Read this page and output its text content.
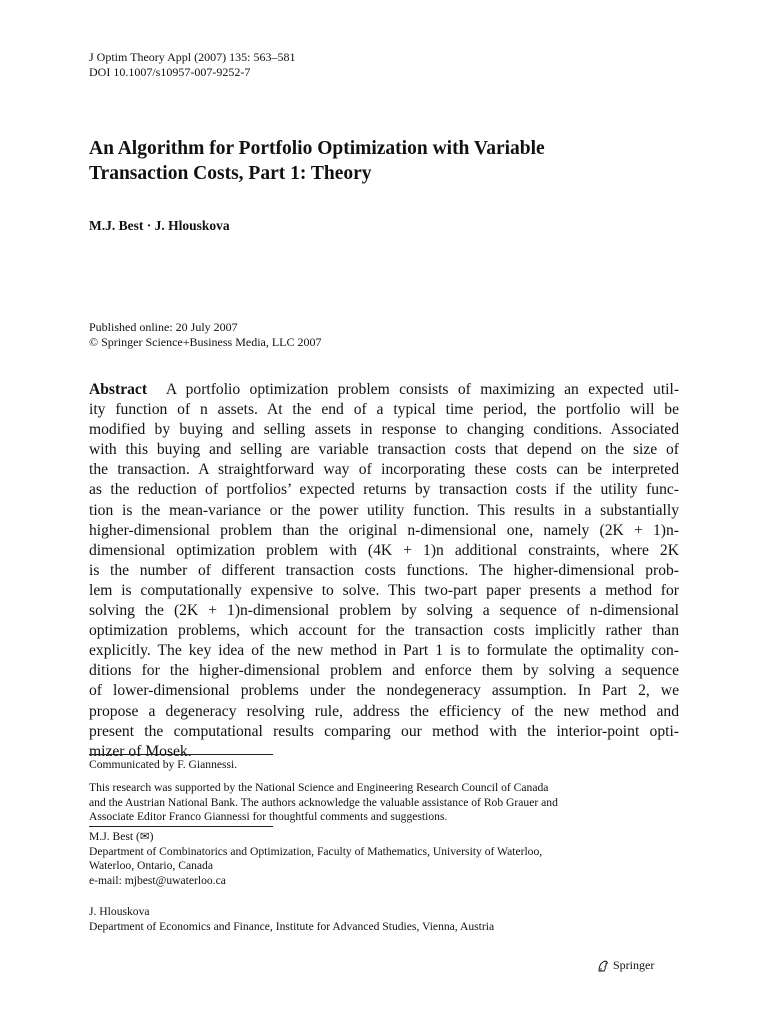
J Optim Theory Appl (2007) 135: 563–581
DOI 10.1007/s10957-007-9252-7
An Algorithm for Portfolio Optimization with Variable
Transaction Costs, Part 1: Theory
M.J. Best · J. Hlouskova
Published online: 20 July 2007
© Springer Science+Business Media, LLC 2007
Abstract A portfolio optimization problem consists of maximizing an expected util-
ity function of n assets. At the end of a typical time period, the portfolio will be
modified by buying and selling assets in response to changing conditions. Associated
with this buying and selling are variable transaction costs that depend on the size of
the transaction. A straightforward way of incorporating these costs can be interpreted
as the reduction of portfolios’ expected returns by transaction costs if the utility func-
tion is the mean-variance or the power utility function. This results in a substantially
higher-dimensional problem than the original n-dimensional one, namely (2K + 1)n-
dimensional optimization problem with (4K + 1)n additional constraints, where 2K
is the number of different transaction costs functions. The higher-dimensional prob-
lem is computationally expensive to solve. This two-part paper presents a method for
solving the (2K + 1)n-dimensional problem by solving a sequence of n-dimensional
optimization problems, which account for the transaction costs implicitly rather than
explicitly. The key idea of the new method in Part 1 is to formulate the optimality con-
ditions for the higher-dimensional problem and enforce them by solving a sequence
of lower-dimensional problems under the nondegeneracy assumption. In Part 2, we
propose a degeneracy resolving rule, address the efficiency of the new method and
present the computational results comparing our method with the interior-point opti-
mizer of Mosek.
Communicated by F. Giannessi.
This research was supported by the National Science and Engineering Research Council of Canada
and the Austrian National Bank. The authors acknowledge the valuable assistance of Rob Grauer and
Associate Editor Franco Giannessi for thoughtful comments and suggestions.
M.J. Best (✉)
Department of Combinatorics and Optimization, Faculty of Mathematics, University of Waterloo,
Waterloo, Ontario, Canada
e-mail: mjbest@uwaterloo.ca
J. Hlouskova
Department of Economics and Finance, Institute for Advanced Studies, Vienna, Austria
Springer
